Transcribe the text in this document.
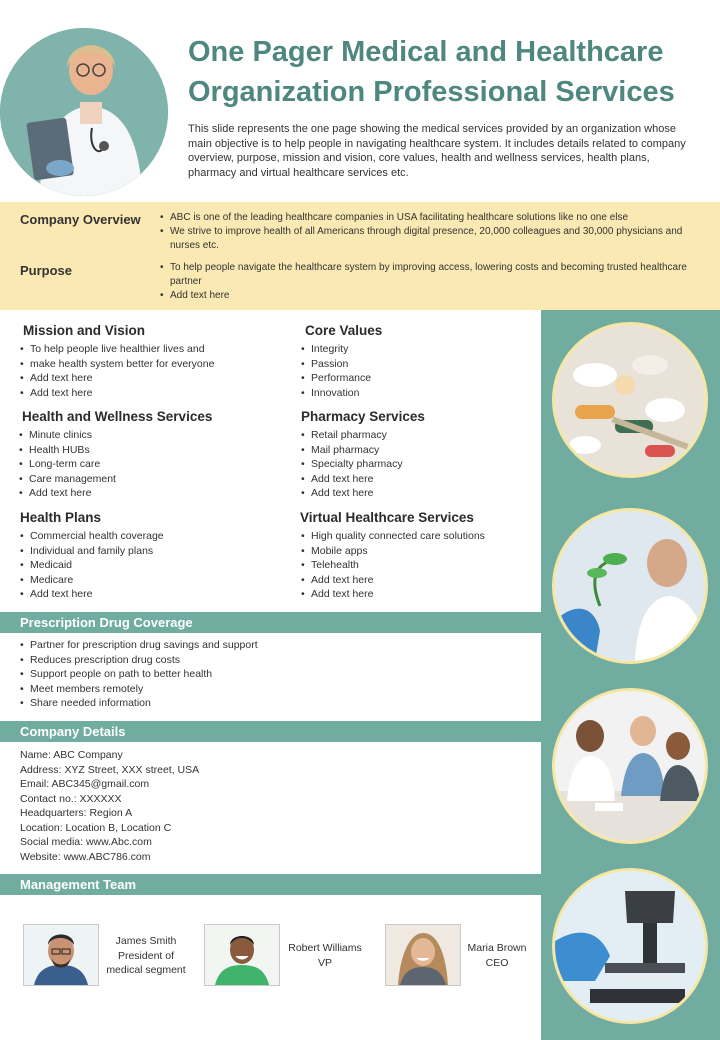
One Pager Medical and Healthcare Organization Professional Services

This slide represents the one page showing the medical services provided by an organization whose main objective is to help people in navigating healthcare system. It includes details related to company overview, purpose, mission and vision, core values, health and wellness services, health plans, pharmacy and virtual healthcare services etc.

Company Overview	• ABC is one of the leading healthcare companies in USA facilitating healthcare solutions like no one else
• We strive to improve health of all Americans through digital presence, 20,000 colleagues and 30,000 physicians and nurses etc.
Purpose	• To help people navigate the healthcare system by improving access, lowering costs and becoming trusted healthcare partner
• Add text here
Mission and Vision
• To help people live healthier lives and
• make health system better for everyone
• Add text here
• Add text here
Core Values
• Integrity
• Passion
• Performance
• Innovation
Health and Wellness Services
• Minute clinics
• Health HUBs
• Long-term care
• Care management
• Add text here
Pharmacy Services
• Retail pharmacy
• Mail pharmacy
• Specialty pharmacy
• Add text here
• Add text here
Health Plans
• Commercial health coverage
• Individual and family plans
• Medicaid
• Medicare
• Add text here
Virtual Healthcare Services
• High quality connected care solutions
• Mobile apps
• Telehealth
• Add text here
• Add text here
Prescription Drug Coverage
• Partner for prescription drug savings and support
• Reduces prescription drug costs
• Support people on path to better health
• Meet members remotely
• Share needed information
Company Details
Name: ABC Company
Address: XYZ Street, XXX street, USA
Email: ABC345@gmail.com
Contact no.: XXXXXX
Headquarters: Region A
Location: Location B, Location C
Social media: www.Abc.com
Website: www.ABC786.com
Management Team
James Smith
President of
medical segment
Robert Williams
VP
Maria Brown
CEO
